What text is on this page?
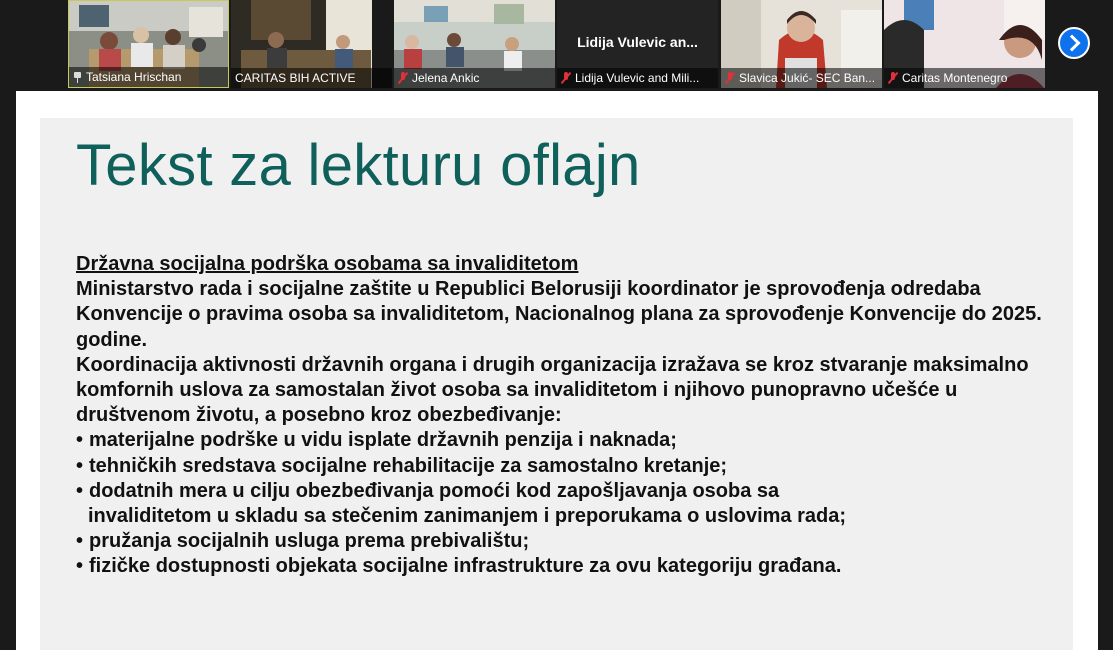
Tatsiana Hrischan	CARITAS BIH ACTIVE	Jelena Ankic
Lidija Vulevic an...
Lidija Vulevic and Mili...	Slavica Jukić- SEC Ban... Caritas Montenegro
Tekst za lekturu oflajn
Državna socijalna podrška osobama sa invaliditetom
Ministarstvo rada i socijalne zaštite u Republici Belorusiji koordinator je sprovođenja odredaba Konvencije o pravima osoba sa invaliditetom, Nacionalnog plana za sprovođenje Konvencije do 2025. godine.
Koordinacija aktivnosti državnih organa i drugih organizacija izražava se kroz stvaranje maksimalno komfornih uslova za samostalan život osoba sa invaliditetom i njihovo punopravno učešće u društvenom životu, a posebno kroz obezbeđivanje:
• materijalne podrške u vidu isplate državnih penzija i naknada;
• tehničkih sredstava socijalne rehabilitacije za samostalno kretanje;
• dodatnih mera u cilju obezbeđivanja pomoći kod zapošljavanja osoba sa
invaliditetom u skladu sa stečenim zanimanjem i preporukama o uslovima rada;
• pružanja socijalnih usluga prema prebivalištu;
• fizičke dostupnosti objekata socijalne infrastrukture za ovu kategoriju građana.
